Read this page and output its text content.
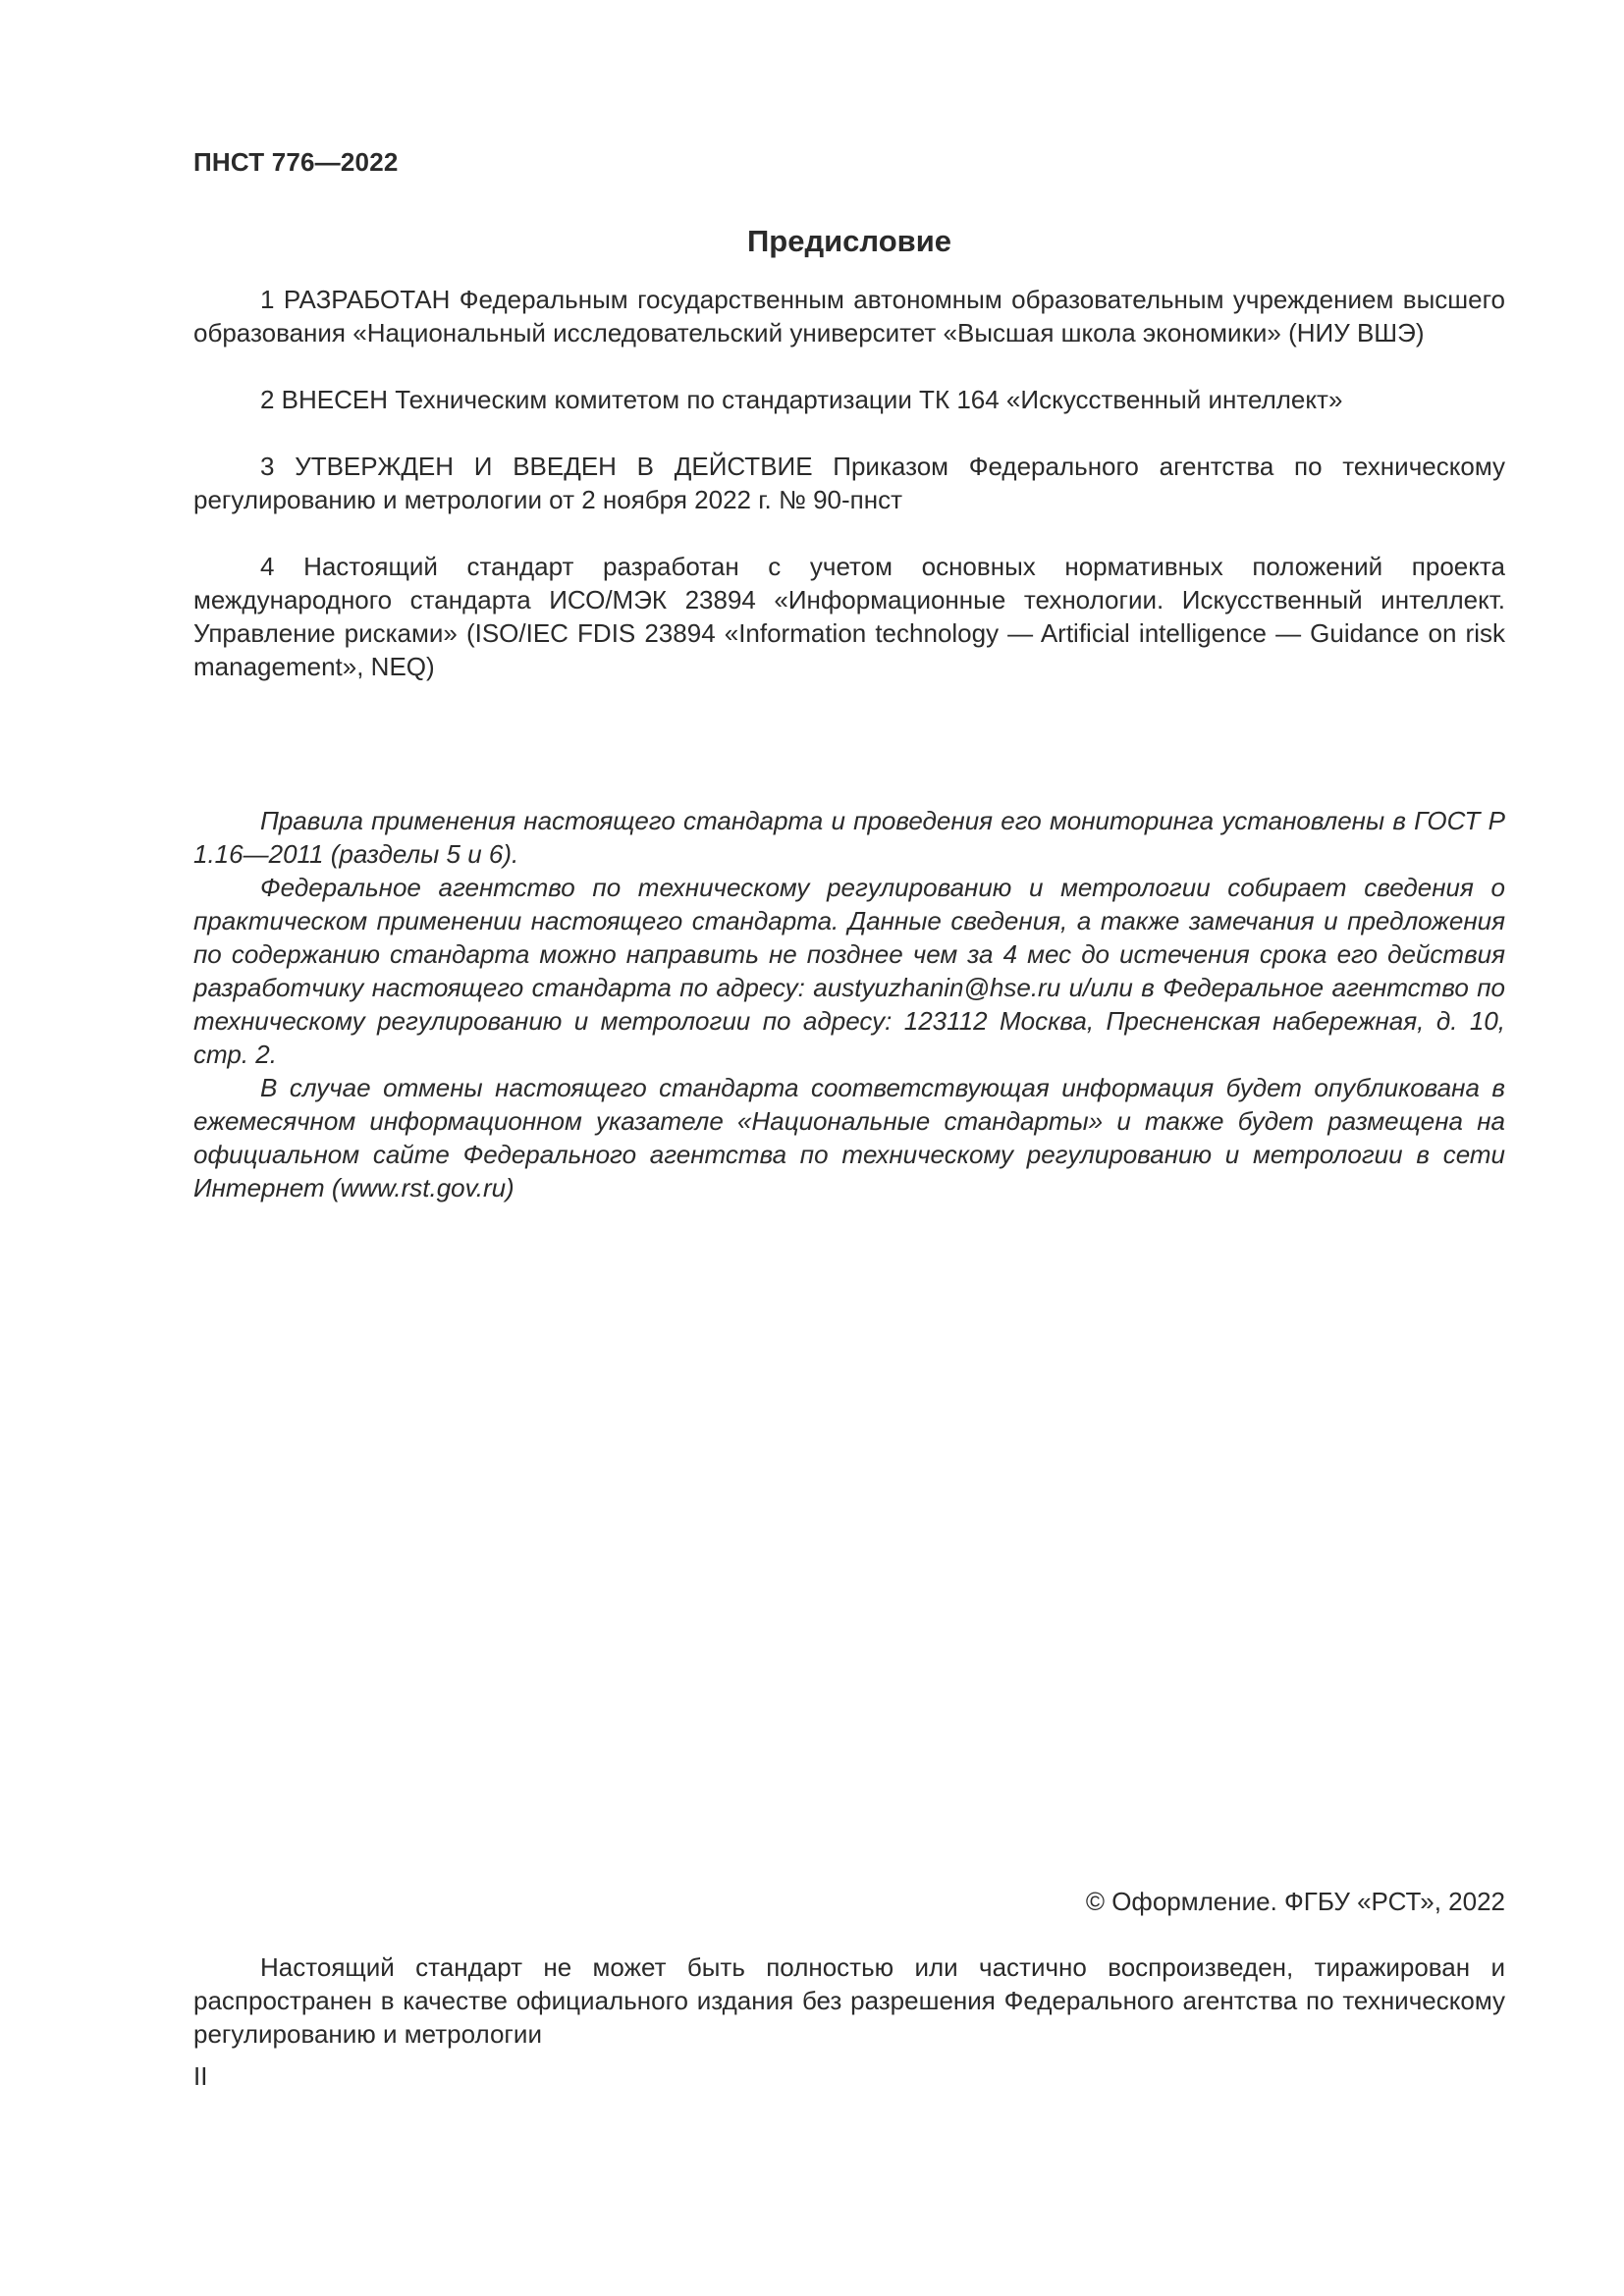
ПНСТ 776—2022
Предисловие

1 РАЗРАБОТАН Федеральным государственным автономным образовательным учреждением высшего образования «Национальный исследовательский университет «Высшая школа экономики» (НИУ ВШЭ)

2 ВНЕСЕН Техническим комитетом по стандартизации ТК 164 «Искусственный интеллект»

3 УТВЕРЖДЕН И ВВЕДЕН В ДЕЙСТВИЕ Приказом Федерального агентства по техническому регулированию и метрологии от 2 ноября 2022 г. № 90-пнст

4 Настоящий стандарт разработан с учетом основных нормативных положений проекта международного стандарта ИСО/МЭК 23894 «Информационные технологии. Искусственный интеллект. Управление рисками» (ISO/IEC FDIS 23894 «Information technology — Artificial intelligence — Guidance on risk management», NEQ)

Правила применения настоящего стандарта и проведения его мониторинга установлены в ГОСТ Р 1.16—2011 (разделы 5 и 6).

Федеральное агентство по техническому регулированию и метрологии собирает сведения о практическом применении настоящего стандарта. Данные сведения, а также замечания и предложения по содержанию стандарта можно направить не позднее чем за 4 мес до истечения срока его действия разработчику настоящего стандарта по адресу: austyuzhanin@hse.ru и/или в Федеральное агентство по техническому регулированию и метрологии по адресу: 123112 Москва, Пресненская набережная, д. 10, стр. 2.

В случае отмены настоящего стандарта соответствующая информация будет опубликована в ежемесячном информационном указателе «Национальные стандарты» и также будет размещена на официальном сайте Федерального агентства по техническому регулированию и метрологии в сети Интернет (www.rst.gov.ru)

© Оформление. ФГБУ «РСТ», 2022

Настоящий стандарт не может быть полностью или частично воспроизведен, тиражирован и распространен в качестве официального издания без разрешения Федерального агентства по техническому регулированию и метрологии

II
